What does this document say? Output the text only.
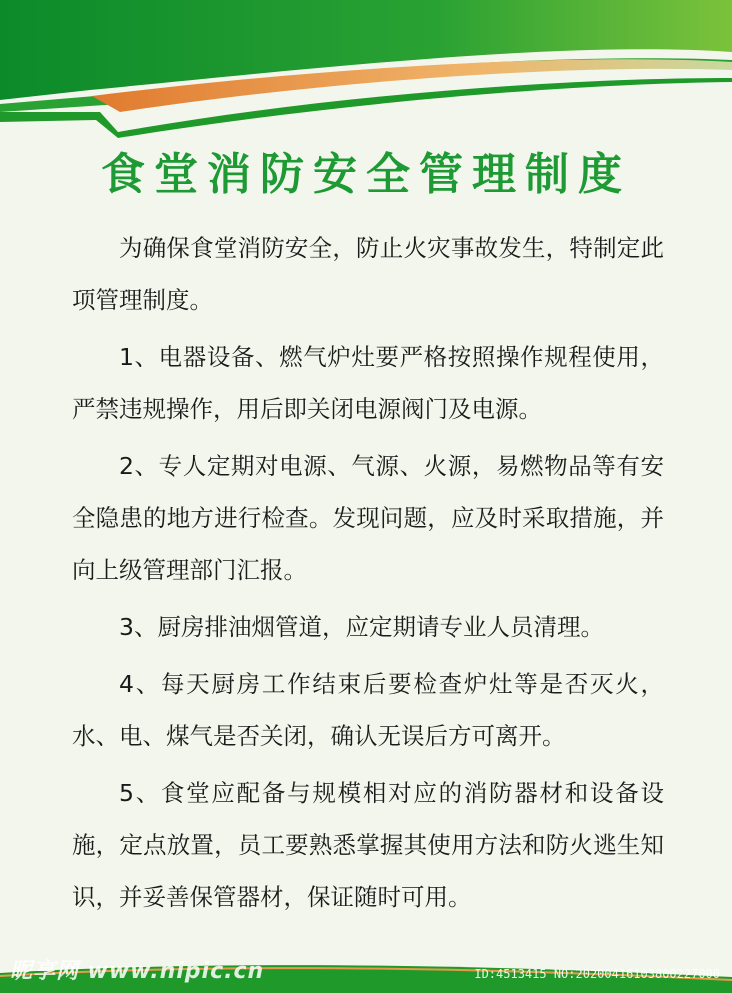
食堂消防安全管理制度

为确保食堂消防安全，防止火灾事故发生，特制定此项管理制度。

1、电器设备、燃气炉灶要严格按照操作规程使用，严禁违规操作，用后即关闭电源阀门及电源。

2、专人定期对电源、气源、火源，易燃物品等有安全隐患的地方进行检查。发现问题，应及时采取措施，并向上级管理部门汇报。

3、厨房排油烟管道，应定期请专业人员清理。

4、每天厨房工作结束后要检查炉灶等是否灭火，水、电、煤气是否关闭，确认无误后方可离开。

5、食堂应配备与规模相对应的消防器材和设备设施，定点放置，员工要熟悉掌握其使用方法和防火逃生知识，并妥善保管器材，保证随时可用。

昵享网 www.nipic.cn	ID:4513415 NO:20200416103800227000
